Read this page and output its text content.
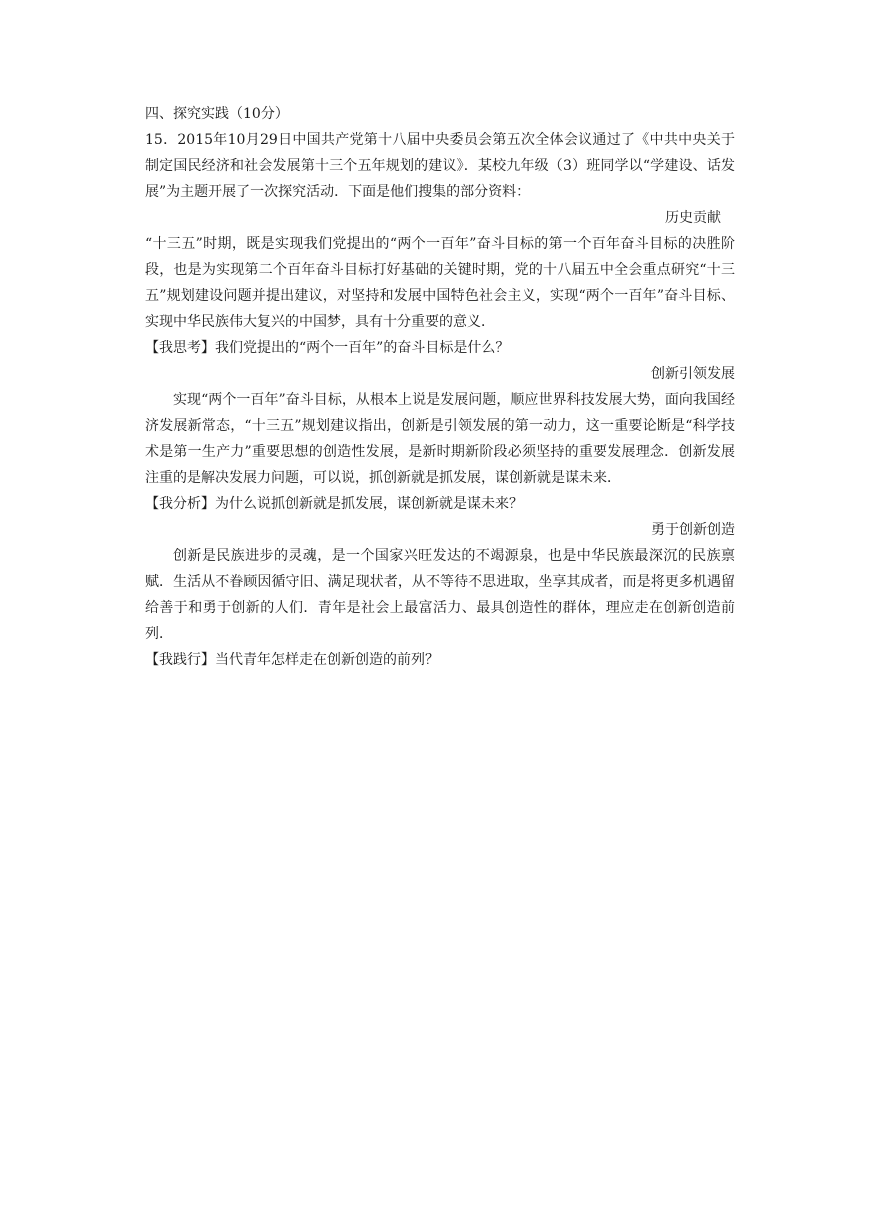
四、探究实践（10分）

15．2015年10月29日中国共产党第十八届中央委员会第五次全体会议通过了《中共中央关于制定国民经济和社会发展第十三个五年规划的建议》．某校九年级（3）班同学以“学建设、话发展”为主题开展了一次探究活动．下面是他们搜集的部分资料：

历史贡献

“十三五”时期，既是实现我们党提出的“两个一百年”奋斗目标的第一个百年奋斗目标的决胜阶段，也是为实现第二个百年奋斗目标打好基础的关键时期，党的十八届五中全会重点研究“十三五”规划建设问题并提出建议，对坚持和发展中国特色社会主义，实现“两个一百年”奋斗目标、实现中华民族伟大复兴的中国梦，具有十分重要的意义．

【我思考】我们党提出的“两个一百年”的奋斗目标是什么？

创新引领发展

实现“两个一百年”奋斗目标，从根本上说是发展问题，顺应世界科技发展大势，面向我国经济发展新常态，“十三五”规划建议指出，创新是引领发展的第一动力，这一重要论断是“科学技术是第一生产力”重要思想的创造性发展，是新时期新阶段必须坚持的重要发展理念．创新发展注重的是解决发展力问题，可以说，抓创新就是抓发展，谋创新就是谋未来．

【我分析】为什么说抓创新就是抓发展，谋创新就是谋未来？

勇于创新创造

创新是民族进步的灵魂，是一个国家兴旺发达的不竭源泉，也是中华民族最深沉的民族禀赋．生活从不眷顾因循守旧、满足现状者，从不等待不思进取，坐享其成者，而是将更多机遇留给善于和勇于创新的人们．青年是社会上最富活力、最具创造性的群体，理应走在创新创造前列．

【我践行】当代青年怎样走在创新创造的前列？
